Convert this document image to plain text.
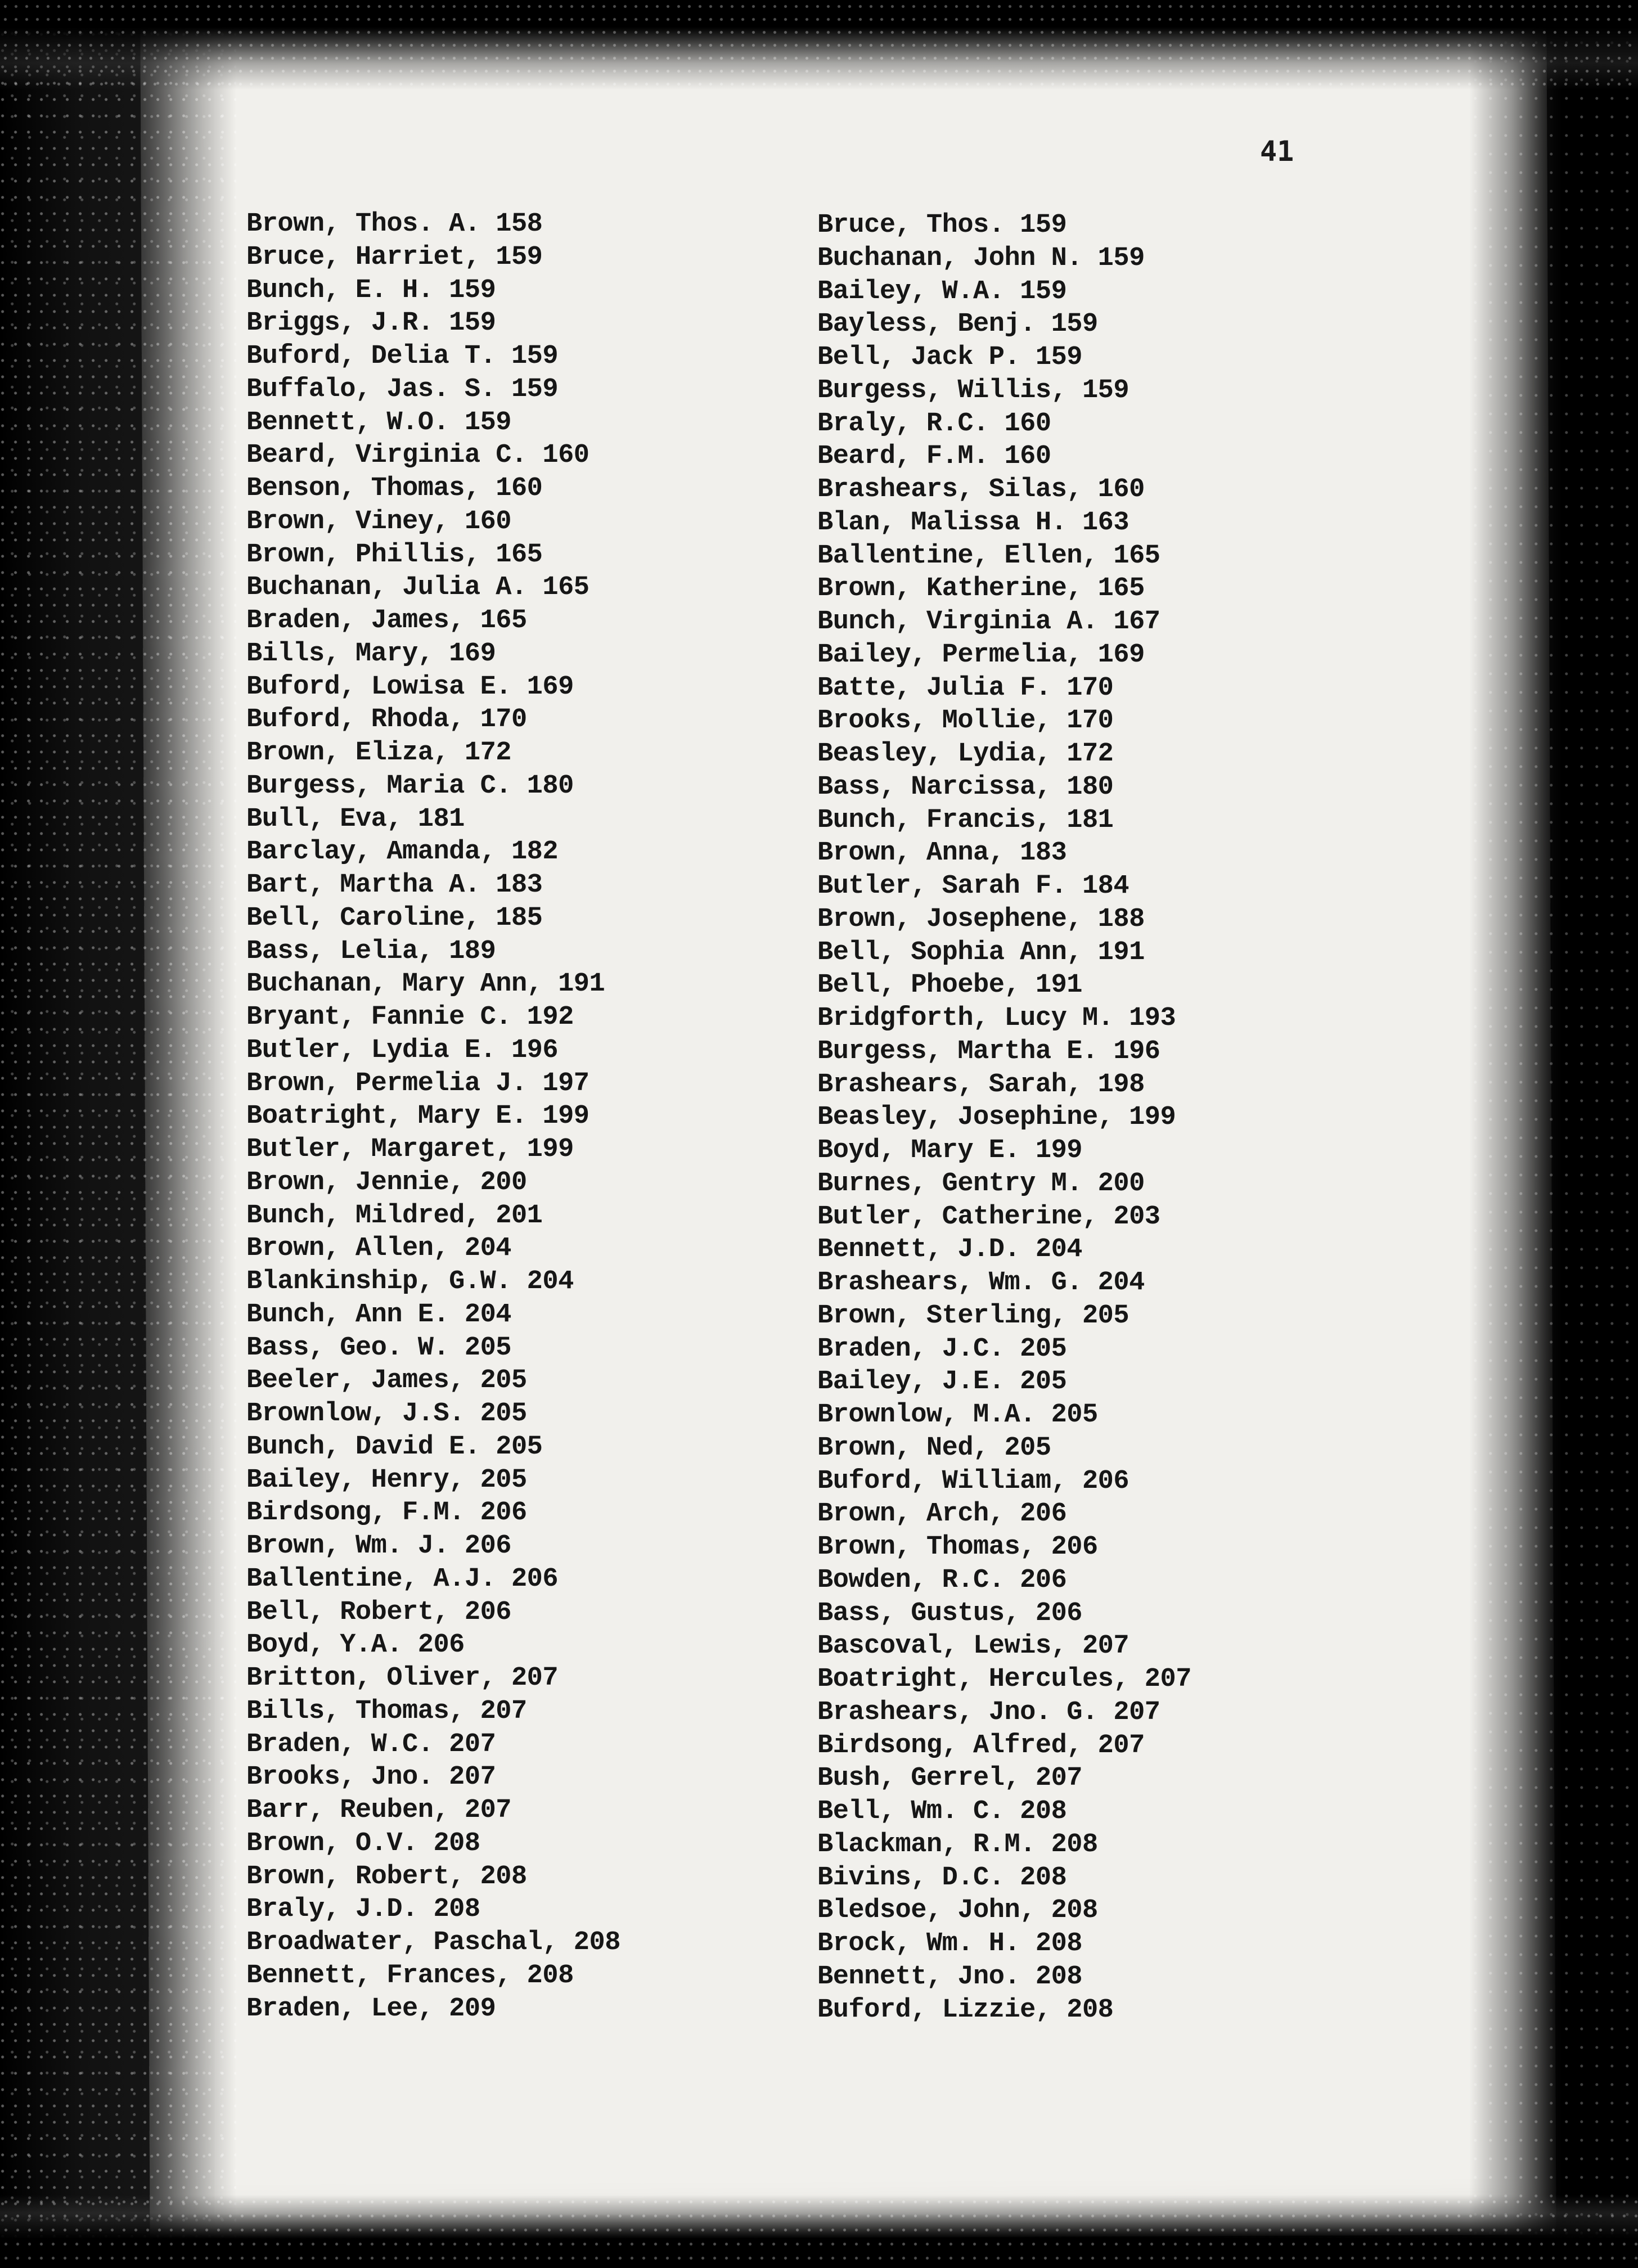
41
Brown, Thos. A. 158
Bruce, Harriet, 159
Bunch, E. H. 159
Briggs, J.R. 159
Buford, Delia T. 159
Buffalo, Jas. S. 159
Bennett, W.O. 159
Beard, Virginia C. 160
Benson, Thomas, 160
Brown, Viney, 160
Brown, Phillis, 165
Buchanan, Julia A. 165
Braden, James, 165
Bills, Mary, 169
Buford, Lowisa E. 169
Buford, Rhoda, 170
Brown, Eliza, 172
Burgess, Maria C. 180
Bull, Eva, 181
Barclay, Amanda, 182
Bart, Martha A. 183
Bell, Caroline, 185
Bass, Lelia, 189
Buchanan, Mary Ann, 191
Bryant, Fannie C. 192
Butler, Lydia E. 196
Brown, Permelia J. 197
Boatright, Mary E. 199
Butler, Margaret, 199
Brown, Jennie, 200
Bunch, Mildred, 201
Brown, Allen, 204
Blankinship, G.W. 204
Bunch, Ann E. 204
Bass, Geo. W. 205
Beeler, James, 205
Brownlow, J.S. 205
Bunch, David E. 205
Bailey, Henry, 205
Birdsong, F.M. 206
Brown, Wm. J. 206
Ballentine, A.J. 206
Bell, Robert, 206
Boyd, Y.A. 206
Britton, Oliver, 207
Bills, Thomas, 207
Braden, W.C. 207
Brooks, Jno. 207
Barr, Reuben, 207
Brown, O.V. 208
Brown, Robert, 208
Braly, J.D. 208
Broadwater, Paschal, 208
Bennett, Frances, 208
Braden, Lee, 209
Bruce, Thos. 159
Buchanan, John N. 159
Bailey, W.A. 159
Bayless, Benj. 159
Bell, Jack P. 159
Burgess, Willis, 159
Braly, R.C. 160
Beard, F.M. 160
Brashears, Silas, 160
Blan, Malissa H. 163
Ballentine, Ellen, 165
Brown, Katherine, 165
Bunch, Virginia A. 167
Bailey, Permelia, 169
Batte, Julia F. 170
Brooks, Mollie, 170
Beasley, Lydia, 172
Bass, Narcissa, 180
Bunch, Francis, 181
Brown, Anna, 183
Butler, Sarah F. 184
Brown, Josephene, 188
Bell, Sophia Ann, 191
Bell, Phoebe, 191
Bridgforth, Lucy M. 193
Burgess, Martha E. 196
Brashears, Sarah, 198
Beasley, Josephine, 199
Boyd, Mary E. 199
Burnes, Gentry M. 200
Butler, Catherine, 203
Bennett, J.D. 204
Brashears, Wm. G. 204
Brown, Sterling, 205
Braden, J.C. 205
Bailey, J.E. 205
Brownlow, M.A. 205
Brown, Ned, 205
Buford, William, 206
Brown, Arch, 206
Brown, Thomas, 206
Bowden, R.C. 206
Bass, Gustus, 206
Bascoval, Lewis, 207
Boatright, Hercules, 207
Brashears, Jno. G. 207
Birdsong, Alfred, 207
Bush, Gerrel, 207
Bell, Wm. C. 208
Blackman, R.M. 208
Bivins, D.C. 208
Bledsoe, John, 208
Brock, Wm. H. 208
Bennett, Jno. 208
Buford, Lizzie, 208
